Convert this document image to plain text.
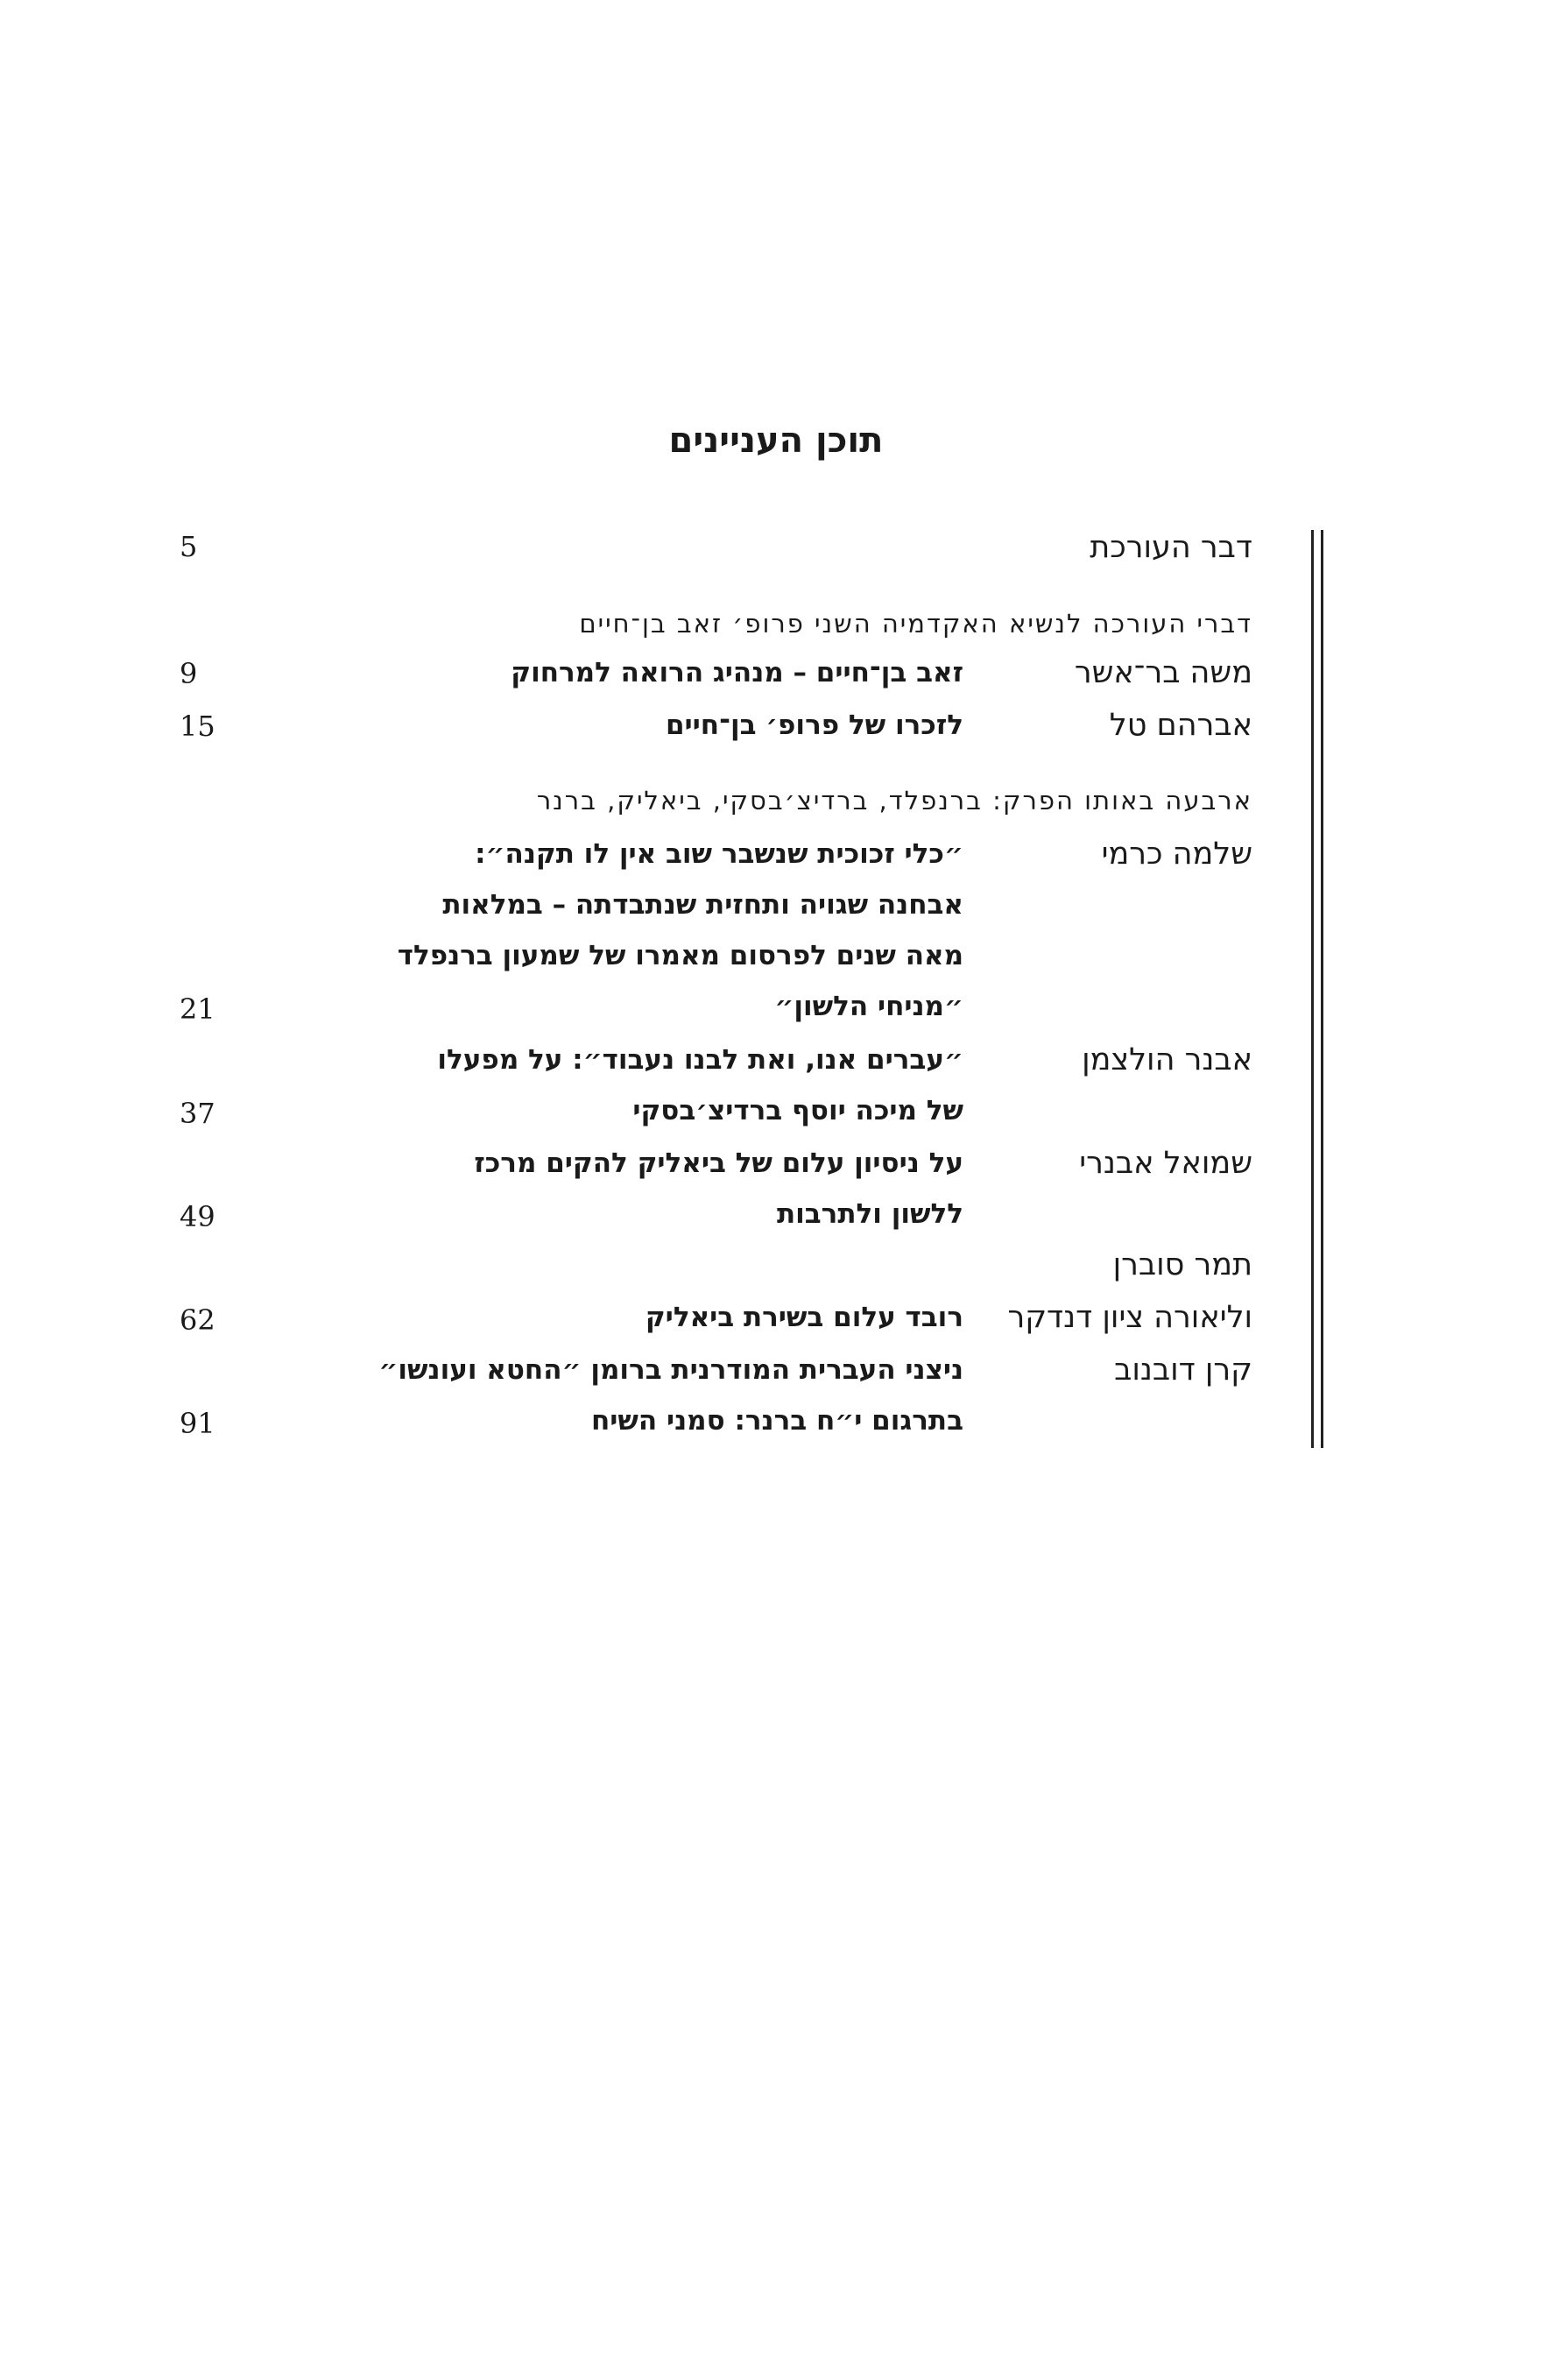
תוכן העניינים
דבר העורכת
5
דברי העורכה לנשיא האקדמיה השני פרופ׳ זאב בן־חיים
משה בר־אשר
זאב בן־חיים – מנהיג הרואה למרחוק
9
אברהם טל
לזכרו של פרופ׳ בן־חיים
15
ארבעה באותו הפרק: ברנפלד, ברדיצ׳בסקי, ביאליק, ברנר
שלמה כרמי
״כלי זכוכית שנשבר שוב אין לו תקנה״:
אבחנה שגויה ותחזית שנתבדתה – במלאות
מאה שנים לפרסום מאמרו של שמעון ברנפלד
״מניחי הלשון״
21
אבנר הולצמן
״עברים אנו, ואת לבנו נעבוד״: על מפעלו
של מיכה יוסף ברדיצ׳בסקי
37
שמואל אבנרי
על ניסיון עלום של ביאליק להקים מרכז
ללשון ולתרבות
49
תמר סוברן
וליאורה ציון דנדקר
רובד עלום בשירת ביאליק
62
קרן דובנוב
ניצני העברית המודרנית ברומן ״החטא ועונשו״
בתרגום י״ח ברנר: סמני השיח
91
